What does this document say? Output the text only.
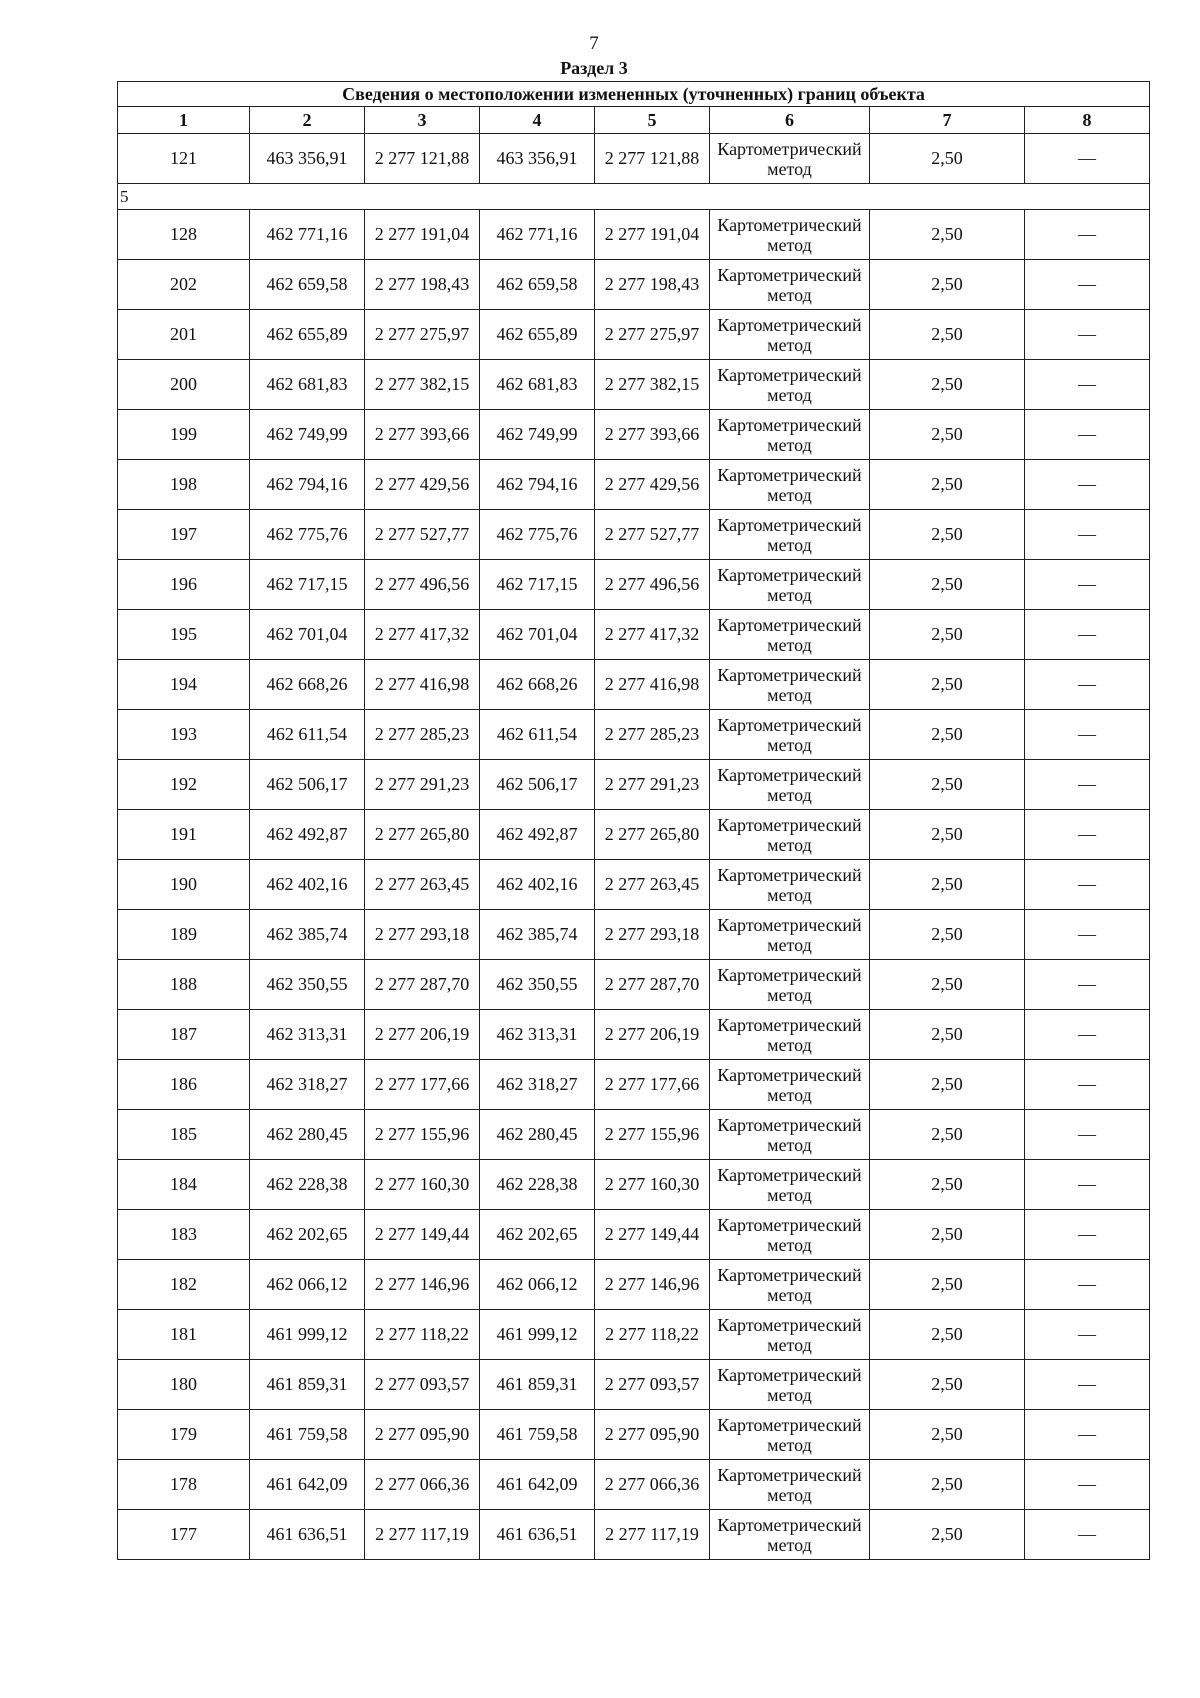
7
Раздел 3
Сведения о местоположении измененных (уточненных) границ объекта							
1	2	3	4	5	6	7	8
121	463 356,91	2 277 121,88	463 356,91	2 277 121,88	Картометрический метод	2,50	—
5							
128	462 771,16	2 277 191,04	462 771,16	2 277 191,04	Картометрический метод	2,50	—
202	462 659,58	2 277 198,43	462 659,58	2 277 198,43	Картометрический метод	2,50	—
201	462 655,89	2 277 275,97	462 655,89	2 277 275,97	Картометрический метод	2,50	—
200	462 681,83	2 277 382,15	462 681,83	2 277 382,15	Картометрический метод	2,50	—
199	462 749,99	2 277 393,66	462 749,99	2 277 393,66	Картометрический метод	2,50	—
198	462 794,16	2 277 429,56	462 794,16	2 277 429,56	Картометрический метод	2,50	—
197	462 775,76	2 277 527,77	462 775,76	2 277 527,77	Картометрический метод	2,50	—
196	462 717,15	2 277 496,56	462 717,15	2 277 496,56	Картометрический метод	2,50	—
195	462 701,04	2 277 417,32	462 701,04	2 277 417,32	Картометрический метод	2,50	—
194	462 668,26	2 277 416,98	462 668,26	2 277 416,98	Картометрический метод	2,50	—
193	462 611,54	2 277 285,23	462 611,54	2 277 285,23	Картометрический метод	2,50	—
192	462 506,17	2 277 291,23	462 506,17	2 277 291,23	Картометрический метод	2,50	—
191	462 492,87	2 277 265,80	462 492,87	2 277 265,80	Картометрический метод	2,50	—
190	462 402,16	2 277 263,45	462 402,16	2 277 263,45	Картометрический метод	2,50	—
189	462 385,74	2 277 293,18	462 385,74	2 277 293,18	Картометрический метод	2,50	—
188	462 350,55	2 277 287,70	462 350,55	2 277 287,70	Картометрический метод	2,50	—
187	462 313,31	2 277 206,19	462 313,31	2 277 206,19	Картометрический метод	2,50	—
186	462 318,27	2 277 177,66	462 318,27	2 277 177,66	Картометрический метод	2,50	—
185	462 280,45	2 277 155,96	462 280,45	2 277 155,96	Картометрический метод	2,50	—
184	462 228,38	2 277 160,30	462 228,38	2 277 160,30	Картометрический метод	2,50	—
183	462 202,65	2 277 149,44	462 202,65	2 277 149,44	Картометрический метод	2,50	—
182	462 066,12	2 277 146,96	462 066,12	2 277 146,96	Картометрический метод	2,50	—
181	461 999,12	2 277 118,22	461 999,12	2 277 118,22	Картометрический метод	2,50	—
180	461 859,31	2 277 093,57	461 859,31	2 277 093,57	Картометрический метод	2,50	—
179	461 759,58	2 277 095,90	461 759,58	2 277 095,90	Картометрический метод	2,50	—
178	461 642,09	2 277 066,36	461 642,09	2 277 066,36	Картометрический метод	2,50	—
177	461 636,51	2 277 117,19	461 636,51	2 277 117,19	Картометрический метод	2,50	—
